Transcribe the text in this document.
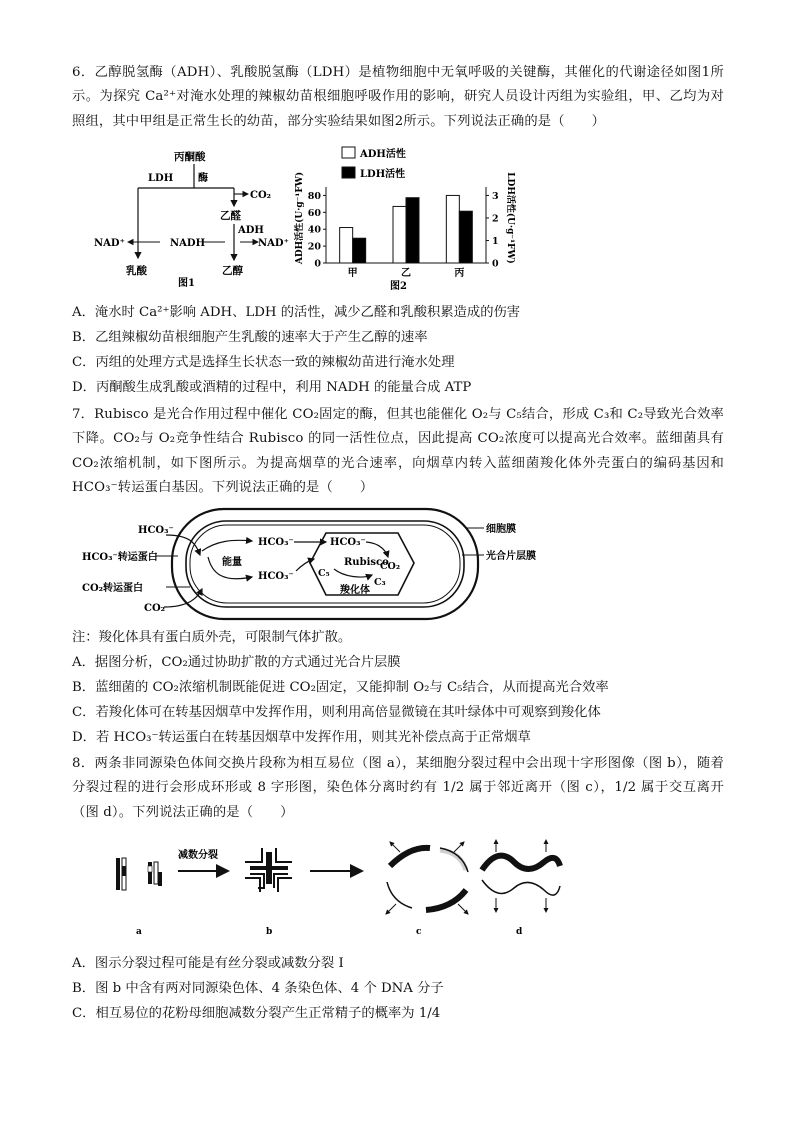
6．乙醇脱氢酶（ADH）、乳酸脱氢酶（LDH）是植物细胞中无氧呼吸的关键酶，其催化的代谢途径如图1所示。为探究 Ca²⁺对淹水处理的辣椒幼苗根细胞呼吸作用的影响，研究人员设计丙组为实验组，甲、乙均为对照组，其中甲组是正常生长的幼苗，部分实验结果如图2所示。下列说法正确的是（　　）
丙酮酸
LDH 酶
CO₂
乙醛
ADH
NAD⁺	NADH	NAD⁺
乳酸	乙醇
图1
ADH活性
LDH活性
ADH活性(U·g⁻¹FW)	LDH活性(U·g⁻¹FW)
0
20
40
60
80
0
1
2
3
甲	乙	丙
图2
A．淹水时 Ca²⁺影响 ADH、LDH 的活性，减少乙醛和乳酸积累造成的伤害
B．乙组辣椒幼苗根细胞产生乳酸的速率大于产生乙醇的速率
C．丙组的处理方式是选择生长状态一致的辣椒幼苗进行淹水处理
D．丙酮酸生成乳酸或酒精的过程中，利用 NADH 的能量合成 ATP
7．Rubisco 是光合作用过程中催化 CO₂固定的酶，但其也能催化 O₂与 C₅结合，形成 C₃和 C₂导致光合效率下降。CO₂与 O₂竞争性结合 Rubisco 的同一活性位点，因此提高 CO₂浓度可以提高光合效率。蓝细菌具有 CO₂浓缩机制，如下图所示。为提高烟草的光合速率，向烟草内转入蓝细菌羧化体外壳蛋白的编码基因和 HCO₃⁻转运蛋白基因。下列说法正确的是（　　）
HCO₃⁻
HCO₃⁻转运蛋白
CO₂转运蛋白
CO₂
能量
HCO₃⁻
HCO₃⁻
HCO₃⁻
Rubisco
C₅
CO₂
C₃
羧化体
细胞膜
光合片层膜
注：羧化体具有蛋白质外壳，可限制气体扩散。
A．据图分析，CO₂通过协助扩散的方式通过光合片层膜
B．蓝细菌的 CO₂浓缩机制既能促进 CO₂固定，又能抑制 O₂与 C₅结合，从而提高光合效率
C．若羧化体可在转基因烟草中发挥作用，则利用高倍显微镜在其叶绿体中可观察到羧化体
D．若 HCO₃⁻转运蛋白在转基因烟草中发挥作用，则其光补偿点高于正常烟草
8．两条非同源染色体间交换片段称为相互易位（图 a），某细胞分裂过程中会出现十字形图像（图 b），随着分裂过程的进行会形成环形或 8 字形图，染色体分离时约有 1/2 属于邻近离开（图 c），1/2 属于交互离开（图 d）。下列说法正确的是（　　）
a
减数分裂
b	c	d
A．图示分裂过程可能是有丝分裂或减数分裂 I
B．图 b 中含有两对同源染色体、4 条染色体、4 个 DNA 分子
C．相互易位的花粉母细胞减数分裂产生正常精子的概率为 1/4
